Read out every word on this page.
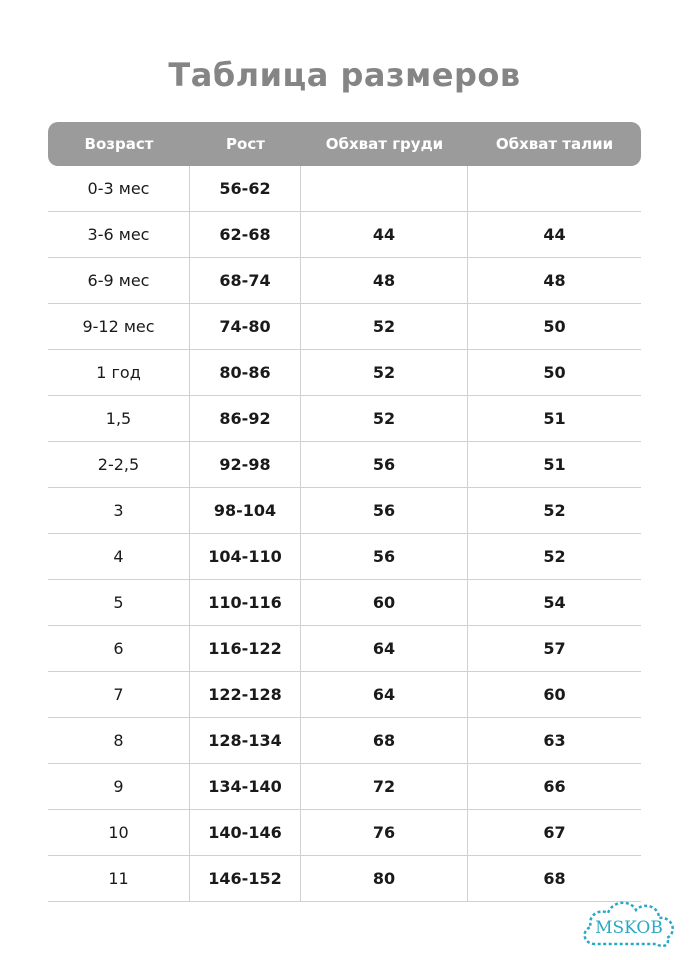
Таблица размеров
Возраст	Рост	Обхват груди	Обхват талии
0-3 мес	56-62
3-6 мес	62-68	44	44
6-9 мес	68-74	48	48
9-12 мес	74-80	52	50
1 год	80-86	52	50
1,5	86-92	52	51
2-2,5	92-98	56	51
3	98-104	56	52
4	104-110	56	52
5	110-116	60	54
6	116-122	64	57
7	122-128	64	60
8	128-134	68	63
9	134-140	72	66
10	140-146	76	67
11	146-152	80	68
MSKOB
